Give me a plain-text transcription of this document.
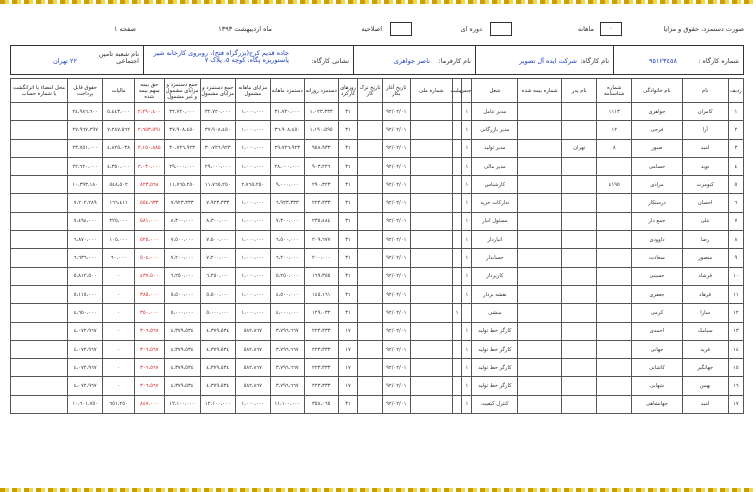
صورت دستمزد، حقوق و مزایا
٠
ماهانه
دوره ای
اصلاحیه
ماه اردیبهشت ١٣٩٣
صفحه ١
شماره کارگاه :
٩٥١٢٣٤٥٨
نام کارگاه:
شرکت ایده آل تصویر
نام کارفرما:
ناصر جواهری
نشانی کارگاه:
جاده قدیم کرج(بزرگراه فتح)، روبروی کارخانه شیر پاستوریزه پگاه، کوچه ٥، پلاک ٧
نام شعبه تامین اجتماعی
٢٢ تهران
ردیف	نام	نام خانوادگی	شماره شناسنامه	نام پدر	شماره بیمه شده	شغل	جنس	ملیت	شماره ملی	تاریخ آغاز بکار	تاریخ ترک کار	روزهای کارکرد	دستمزد روزانه	دستمزد ماهانه	مزایای ماهانه مشمول	جمع دستمزد و مزایای مشمول	جمع دستمزد و مزایای مشمول و غیر مشمول	حق بیمه سهم بیمه شده	مالیات	حقوق قابل پرداخت	محل امضاء یا اثرانگشت یا شماره حساب
١	کامران	جواهری	١١١٣			مدیر عامل	١			٩٢/٠٢/٠١		٣١	١،٠٢٣،٣٣٣	٣١،٧٢٠،٠٠٠	١،٠٠٠،٠٠٠	٣٢،٧٢٠،٠٠٠	٣٢،٧٢٠،٠٠٠	٢،٢٩٠،٤٠٠	٥،٤٤٣،٠٠٠	٢٤،٩٨٦،٦٠٠	
٢	آرا	فرجی	١٢			مدیر بازرگانی	١			٩٢/٠٢/٠١		٣١	١،١٩٠،٥٩٥	٣٦،٩٠٨،٤٥٠	١،٠٠٠،٠٠٠	٣٧،٩٠٨،٤٥٠	٣٧،٩٠٨،٤٥٠	٢،٦٥٣،٥٩١	٧،٢٨٧،٥٦٢	٢٧،٩٦٧،٢٩٧	
٣	امید	صبور	٨	تهران		مدیر تولید	١			٩٢/٠٢/٠١		٣١	٩٥٨،٩٣٣	٢٩،٧٢٦،٩٢٣	١،٠٠٠،٠٠٠	٣٠،٧٢٦،٩٢٣	٣٠،٧٢٦،٩٢٣	٢،١٥٠،٨٨٥	٤،٨٢٥،٠٣٨	٢٣،٧٥١،٠٠٠	
٤	نوید	حسامی				مدیر مالی	١			٩٢/٠٢/٠١		٣١	٩٠٣،٢٢٦	٢٨،٠٠٠،٠٠٠	١،٠٠٠،٠٠٠	٢٩،٠٠٠،٠٠٠	٢٩،٠٠٠،٠٠٠	٢،٠٣٠،٠٠٠	٤،٣٥٠،٠٠٠	٢٢،٦٢٠،٠٠٠	
٥	کیومرث	مرادی	٤١٩٥			کارشناس	١			٩٢/٠٢/٠١		٣١	٢٩٠،٣٢٣	٩،٠٠٠،٠٠٠	٢،٧٦٥،٢٥٠	١١،٧٦٥،٢٥٠	١١،٧٦٥،٢٥٠	٨٢٣،٥٦٨	٥٤٨،٥٠٢	١٠،٣٩٣،١٨٠	
٦	احسان	درستکار				تدارکات خرید	١			٩٢/٠٢/٠١		٣١	٢٢٣،٣٣٣	٦،٩٢٣،٣٣٣	١،٠٠٠،٠٠٠	٧،٩٢٣،٣٣٣	٧،٩٢٣،٣٣٣	٥٥٤،٦٣٣	١٦٦،٤١١	٧،٢٠٢،٢٨٩	
٧	علی	جمع دار				مسئول انبار	١			٩٢/٠٢/٠١		٣١	٢٣٥،٤٨٤	٧،٣٠٠،٠٠٠	١،٠٠٠،٠٠٠	٨،٣٠٠،٠٠٠	٨،٣٠٠،٠٠٠	٥٨١،٠٠٠	٢٢٥،٠٠٠	٧،٤٩٤،٠٠٠	
٨	رضا	داوودی				انباردار	١			٩٢/٠٢/٠١		٣١	٢٠٩،٦٧٧	٦،٥٠٠،٠٠٠	١،٠٠٠،٠٠٠	٧،٥٠٠،٠٠٠	٧،٥٠٠،٠٠٠	٥٢٥،٠٠٠	١٠٥،٠٠٠	٦،٨٧٠،٠٠٠	
٩	منصور	سعادت				حسابدار	١			٩٢/٠٢/٠١		٣١	٢٠٠،٠٠٠	٦،٢٠٠،٠٠٠	١،٠٠٠،٠٠٠	٧،٢٠٠،٠٠٠	٧،٢٠٠،٠٠٠	٥٠٤،٠٠٠	٦٠،٠٠٠	٦،٦٣٦،٠٠٠	
١٠	فرشاد	حسینی				کارپرداز	١			٩٢/٠٢/٠١		٣١	١٦٩،٣٥٥	٥،٢٥٠،٠٠٠	١،٠٠٠،٠٠٠	٦،٢٥٠،٠٠٠	٦،٢٥٠،٠٠٠	٤٣٧،٥٠٠	٠	٥،٨١٢،٥٠٠	
١١	فرهاد	جعفری				نقشه بردار	١			٩٢/٠٢/٠١		٣١	١٤٥،١٦١	٤،٥٠٠،٠٠٠	١،٠٠٠،٠٠٠	٥،٥٠٠،٠٠٠	٥،٥٠٠،٠٠٠	٣٨٥،٠٠٠	٠	٥،١١٥،٠٠٠	
١٢	سارا	کرمی				منشی		١		٩٢/٠٢/٠١		٣١	١٢٩،٠٣٢	٤،٠٠٠،٠٠٠	١،٠٠٠،٠٠٠	٥،٠٠٠،٠٠٠	٥،٠٠٠،٠٠٠	٣٥٠،٠٠٠	٠	٤،٦٥٠،٠٠٠	
١٣	سیامک	احمدی				کارگر خط تولید	١			٩٢/٠٢/٠١		١٧	٢٢٣،٣٣٣	٣،٧٩٦،٦٦٧	٥٨٢،٨٦٧	٤،٣٧٩،٥٣٤	٤،٣٧٩،٥٣٤	٣٠٦،٥٦٧	٠	٤،٠٧٢،٩٦٧	
١٤	فرید	جهانی				کارگر خط تولید	١			٩٢/٠٢/٠١		١٧	٢٢٣،٣٣٣	٣،٧٩٦،٦٦٧	٥٨٢،٨٦٧	٤،٣٧٩،٥٣٤	٤،٣٧٩،٥٣٤	٣٠٦،٥٦٧	٠	٤،٠٧٢،٩٦٧	
١٥	جهانگیر	کاشانی				کارگر خط تولید	١			٩٢/٠٢/٠١		١٧	٢٢٣،٣٣٣	٣،٧٩٦،٦٦٧	٥٨٢،٨٦٧	٤،٣٧٩،٥٣٤	٤،٣٧٩،٥٣٤	٣٠٦،٥٦٧	٠	٤،٠٧٢،٩٦٧	
١٦	بهمن	شهابی				کارگر خط تولید	١			٩٢/٠٢/٠١		١٧	٢٢٣،٣٣٣	٣،٧٩٦،٦٦٧	٥٨٢،٨٦٧	٤،٣٧٩،٥٣٤	٤،٣٧٩،٥٣٤	٣٠٦،٥٦٧	٠	٤،٠٧٢،٩٦٧	
١٧	امید	جهانشاهی				کنترل کیفیت	١			٩٢/٠٢/٠١		٣١	٣٥٨،٠٦٥	١١،١٠٠،٠٠٠	١،٠٠٠،٠٠٠	١٢،١٠٠،٠٠٠	١٢،١٠٠،٠٠٠	٨٤٧،٠٠٠	٦٥١،٢٥٠	١٠،٦٠١،٧٥٠	
